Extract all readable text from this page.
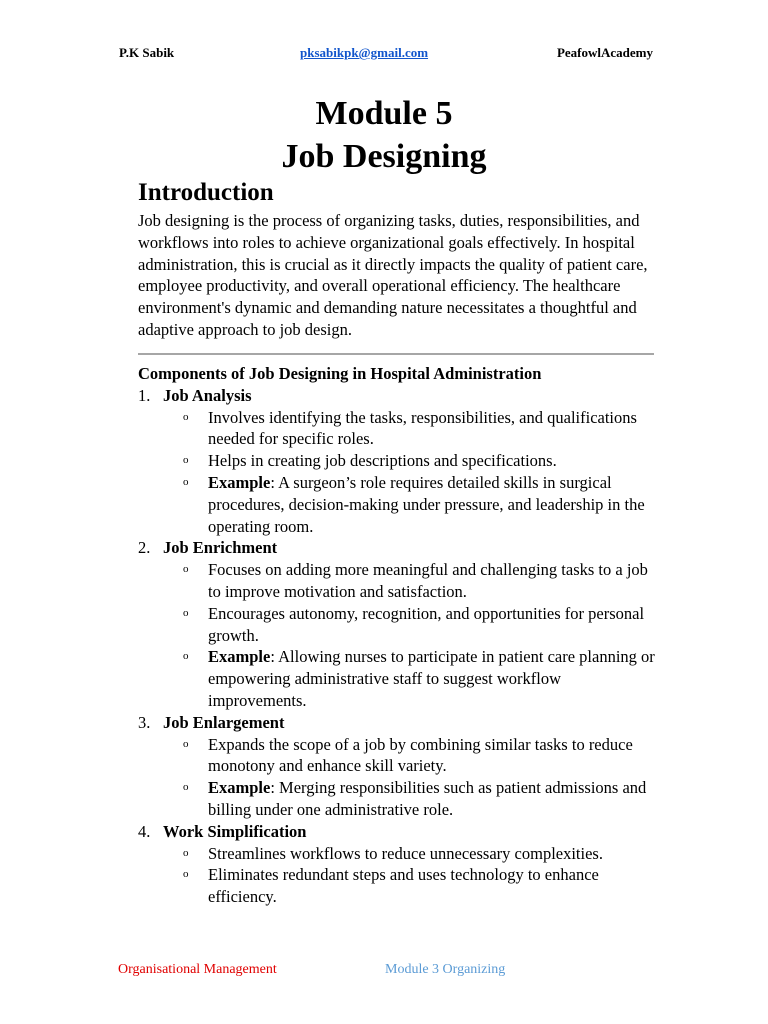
P.K Sabik	pksabikpk@gmail.com	PeafowlAcademy
Module 5
Job Designing
Introduction

Job designing is the process of organizing tasks, duties, responsibilities, and workflows into roles to achieve organizational goals effectively. In hospital administration, this is crucial as it directly impacts the quality of patient care, employee productivity, and overall operational efficiency. The healthcare environment's dynamic and demanding nature necessitates a thoughtful and adaptive approach to job design.

Components of Job Designing in Hospital Administration

1. Job Analysis
o Involves identifying the tasks, responsibilities, and qualifications needed for specific roles.
o Helps in creating job descriptions and specifications.
o Example: A surgeon’s role requires detailed skills in surgical procedures, decision-making under pressure, and leadership in the operating room.
2. Job Enrichment
o Focuses on adding more meaningful and challenging tasks to a job to improve motivation and satisfaction.
o Encourages autonomy, recognition, and opportunities for personal growth.
o Example: Allowing nurses to participate in patient care planning or empowering administrative staff to suggest workflow improvements.
3. Job Enlargement
o Expands the scope of a job by combining similar tasks to reduce monotony and enhance skill variety.
o Example: Merging responsibilities such as patient admissions and billing under one administrative role.
4. Work Simplification
o Streamlines workflows to reduce unnecessary complexities.
o Eliminates redundant steps and uses technology to enhance efficiency.
Organisational Management	Module 3 Organizing
